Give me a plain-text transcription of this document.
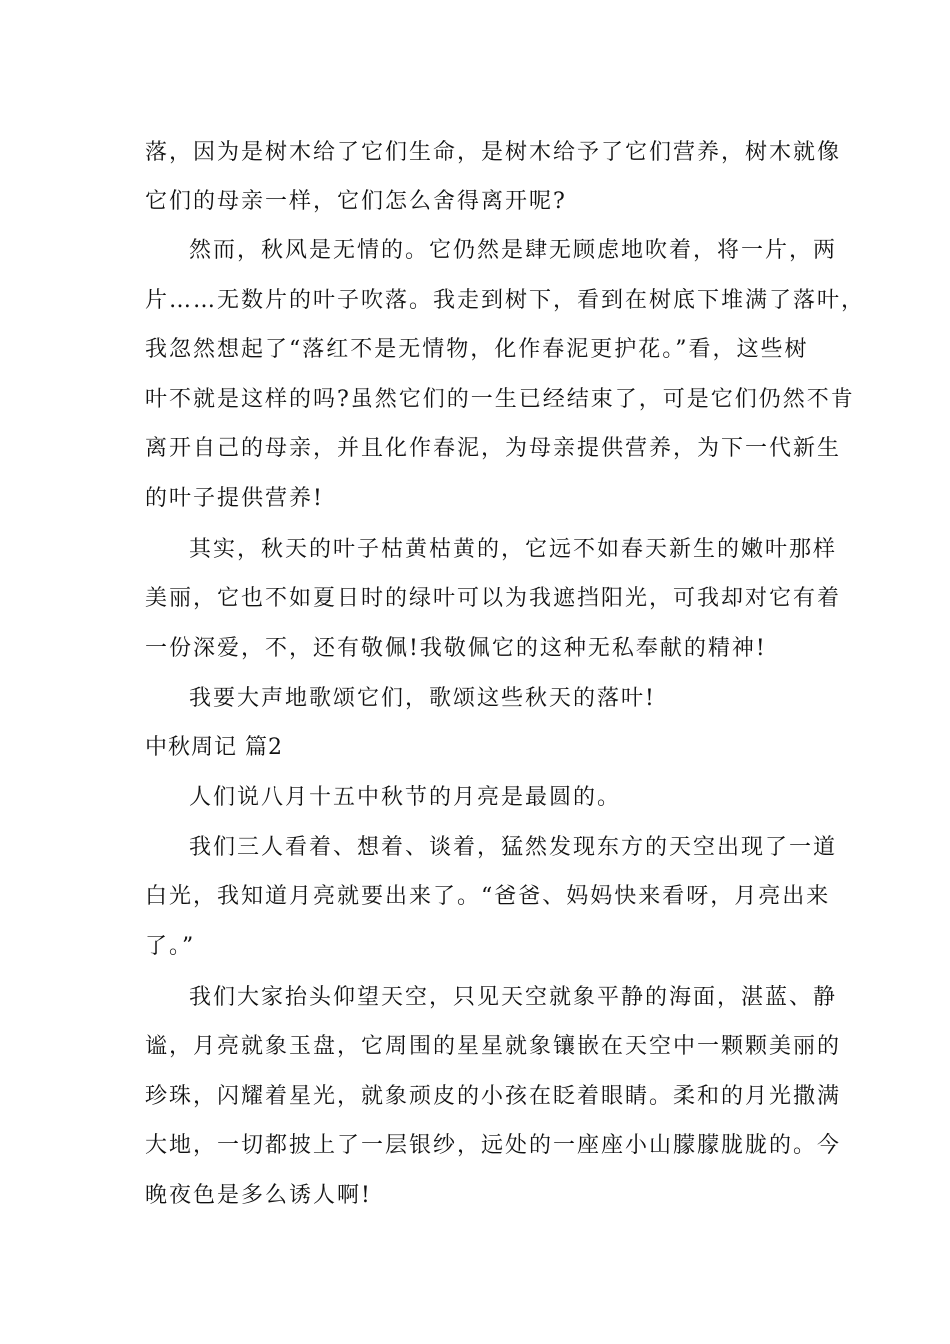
落，因为是树木给了它们生命，是树木给予了它们营养，树木就像

它们的母亲一样，它们怎么舍得离开呢?

然而，秋风是无情的。它仍然是肆无顾虑地吹着，将一片，两

片……无数片的叶子吹落。我走到树下，看到在树底下堆满了落叶，

我忽然想起了“落红不是无情物，化作春泥更护花。”看，这些树

叶不就是这样的吗?虽然它们的一生已经结束了，可是它们仍然不肯

离开自己的母亲，并且化作春泥，为母亲提供营养，为下一代新生

的叶子提供营养!

其实，秋天的叶子枯黄枯黄的，它远不如春天新生的嫩叶那样

美丽，它也不如夏日时的绿叶可以为我遮挡阳光，可我却对它有着

一份深爱，不，还有敬佩!我敬佩它的这种无私奉献的精神!

我要大声地歌颂它们，歌颂这些秋天的落叶!

中秋周记 篇2

人们说八月十五中秋节的月亮是最圆的。

我们三人看着、想着、谈着，猛然发现东方的天空出现了一道

白光，我知道月亮就要出来了。“爸爸、妈妈快来看呀，月亮出来

了。”

我们大家抬头仰望天空，只见天空就象平静的海面，湛蓝、静

谧，月亮就象玉盘，它周围的星星就象镶嵌在天空中一颗颗美丽的

珍珠，闪耀着星光，就象顽皮的小孩在眨着眼睛。柔和的月光撒满

大地，一切都披上了一层银纱，远处的一座座小山朦朦胧胧的。今

晚夜色是多么诱人啊!
